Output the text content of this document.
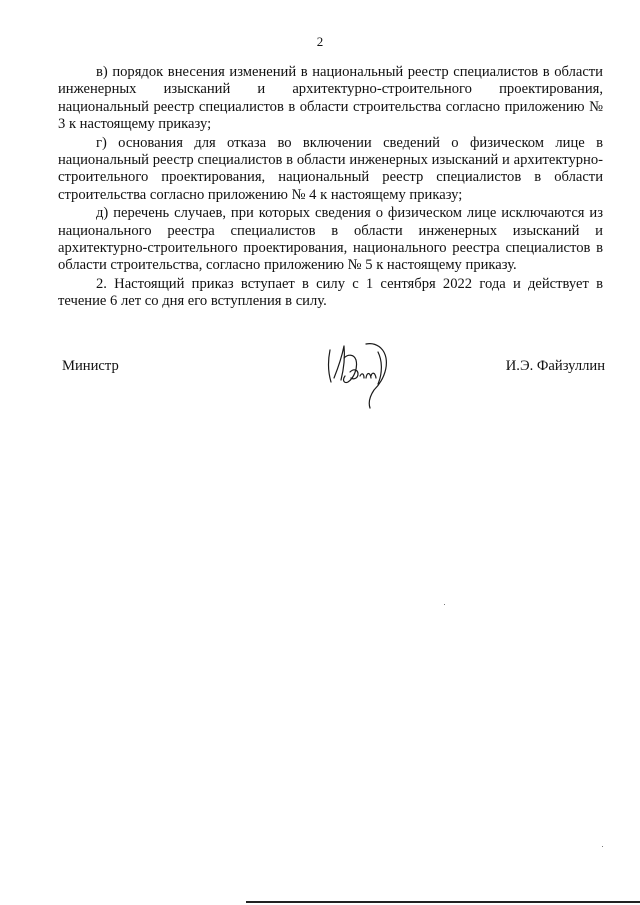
2

в) порядок внесения изменений в национальный реестр специалистов в области инженерных изысканий и архитектурно-строительного проектирования, национальный реестр специалистов в области строительства согласно приложению № 3 к настоящему приказу;

г) основания для отказа во включении сведений о физическом лице в национальный реестр специалистов в области инженерных изысканий и архитектурно-строительного проектирования, национальный реестр специалистов в области строительства согласно приложению № 4 к настоящему приказу;

д) перечень случаев, при которых сведения о физическом лице исключаются из национального реестра специалистов в области инженерных изысканий и архитектурно-строительного проектирования, национального реестра специалистов в области строительства, согласно приложению № 5 к настоящему приказу.

2. Настоящий приказ вступает в силу с 1 сентября 2022 года и действует в течение 6 лет со дня его вступления в силу.

Министр	И.Э. Файзуллин
